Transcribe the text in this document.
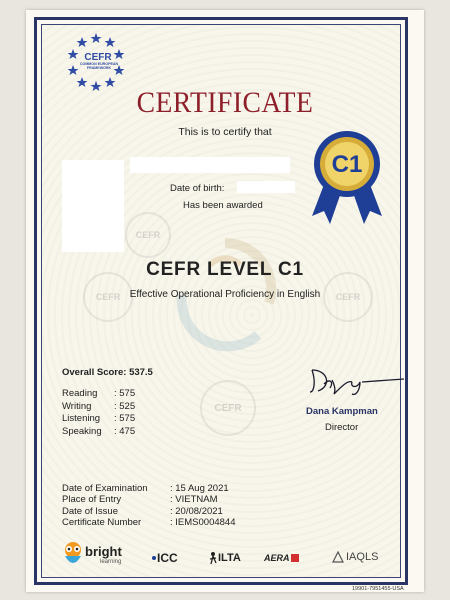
CEFR
COMMON EUROPEAN FRAMEWORK
CEFR	CEFR
CEFR
CEFR
CERTIFICATE
This is to certify that
C1
Date of birth:
Has been awarded
CEFR LEVEL C1
Effective Operational Proficiency in English
Overall Score: 537.5
Reading	: 575
Writing	: 525
Listening	: 575
Speaking	: 475
Dana Kampman
Director
Date of Examination	: 15 Aug 2021
Place of Entry	: VIETNAM
Date of Issue	: 20/08/2021
Certificate Number	: IEMS0004844
bright
learning	ICC	ILTA	AERA	IAQLS
19901-7951455-USA
